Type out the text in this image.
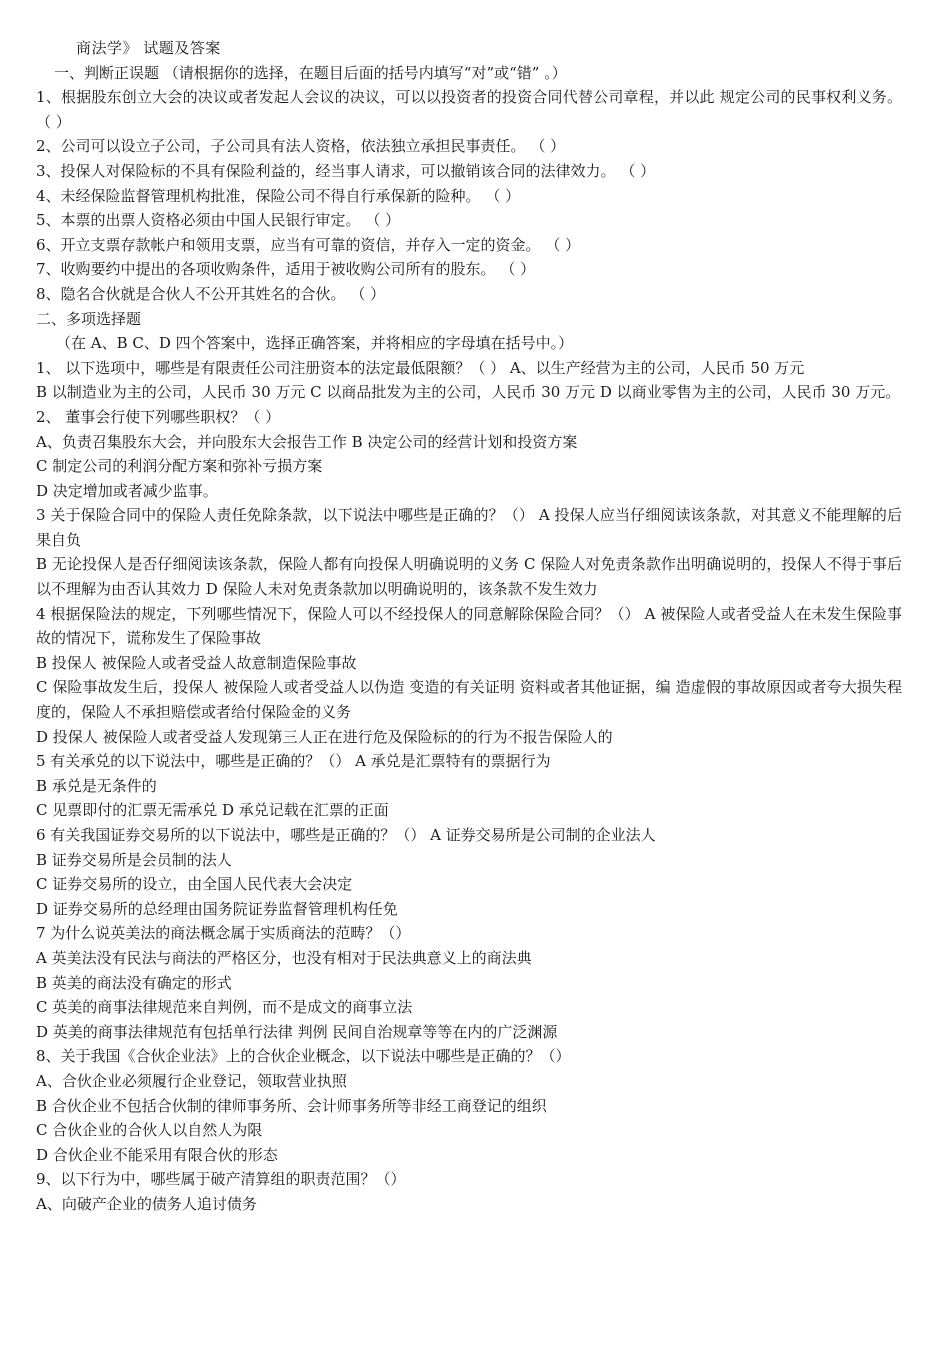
商法学》 试题及答案
一、判断正误题 （请根据你的选择，在题目后面的括号内填写“对”或“错” 。）
1、根据股东创立大会的决议或者发起人会议的决议，可以以投资者的投资合同代替公司章程，并以此 规定公司的民事权利义务。 （ ）
2、公司可以设立子公司，子公司具有法人资格，依法独立承担民事责任。 （ ）
3、投保人对保险标的不具有保险利益的，经当事人请求，可以撤销该合同的法律效力。 （ ）
4、未经保险监督管理机构批准，保险公司不得自行承保新的险种。 （ ）
5、本票的出票人资格必须由中国人民银行审定。 （ ）
6、开立支票存款帐户和领用支票，应当有可靠的资信，并存入一定的资金。 （ ）
7、收购要约中提出的各项收购条件，适用于被收购公司所有的股东。 （ ）
8、隐名合伙就是合伙人不公开其姓名的合伙。 （ ）
二、多项选择题
（在 A、B C、D 四个答案中，选择正确答案，并将相应的字母填在括号中。）
1、 以下选项中，哪些是有限责任公司注册资本的法定最低限额？（ ） A、以生产经营为主的公司，人民币 50 万元
B 以制造业为主的公司，人民币 30 万元 C 以商品批发为主的公司，人民币 30 万元 D 以商业零售为主的公司，人民币 30 万元。
2、 董事会行使下列哪些职权？（ ）
A、负责召集股东大会，并向股东大会报告工作 B 决定公司的经营计划和投资方案
C 制定公司的利润分配方案和弥补亏损方案
D 决定增加或者减少监事。
3 关于保险合同中的保险人责任免除条款，以下说法中哪些是正确的？（） A 投保人应当仔细阅读该条款，对其意义不能理解的后果自负
B 无论投保人是否仔细阅读该条款，保险人都有向投保人明确说明的义务 C 保险人对免责条款作出明确说明的，投保人不得于事后以不理解为由否认其效力 D 保险人未对免责条款加以明确说明的，该条款不发生效力
4 根据保险法的规定，下列哪些情况下，保险人可以不经投保人的同意解除保险合同？（） A 被保险人或者受益人在未发生保险事故的情况下，谎称发生了保险事故
B 投保人 被保险人或者受益人故意制造保险事故
C 保险事故发生后，投保人 被保险人或者受益人以伪造 变造的有关证明 资料或者其他证据，编 造虚假的事故原因或者夸大损失程度的，保险人不承担赔偿或者给付保险金的义务
D 投保人 被保险人或者受益人发现第三人正在进行危及保险标的的行为不报告保险人的
5 有关承兑的以下说法中，哪些是正确的？（） A 承兑是汇票特有的票据行为
B 承兑是无条件的
C 见票即付的汇票无需承兑 D 承兑记载在汇票的正面
6 有关我国证券交易所的以下说法中，哪些是正确的？（） A 证券交易所是公司制的企业法人
B 证券交易所是会员制的法人
C 证券交易所的设立，由全国人民代表大会决定
D 证券交易所的总经理由国务院证券监督管理机构任免
7 为什么说英美法的商法概念属于实质商法的范畴？（）
A 英美法没有民法与商法的严格区分，也没有相对于民法典意义上的商法典
B 英美的商法没有确定的形式
C 英美的商事法律规范来自判例，而不是成文的商事立法
D 英美的商事法律规范有包括单行法律 判例 民间自治规章等等在内的广泛渊源
8、关于我国《合伙企业法》上的合伙企业概念，以下说法中哪些是正确的？（）
A、合伙企业必须履行企业登记，领取营业执照
B 合伙企业不包括合伙制的律师事务所、会计师事务所等非经工商登记的组织
C 合伙企业的合伙人以自然人为限
D 合伙企业不能采用有限合伙的形态
9、以下行为中，哪些属于破产清算组的职责范围？（）
A、向破产企业的债务人追讨债务
